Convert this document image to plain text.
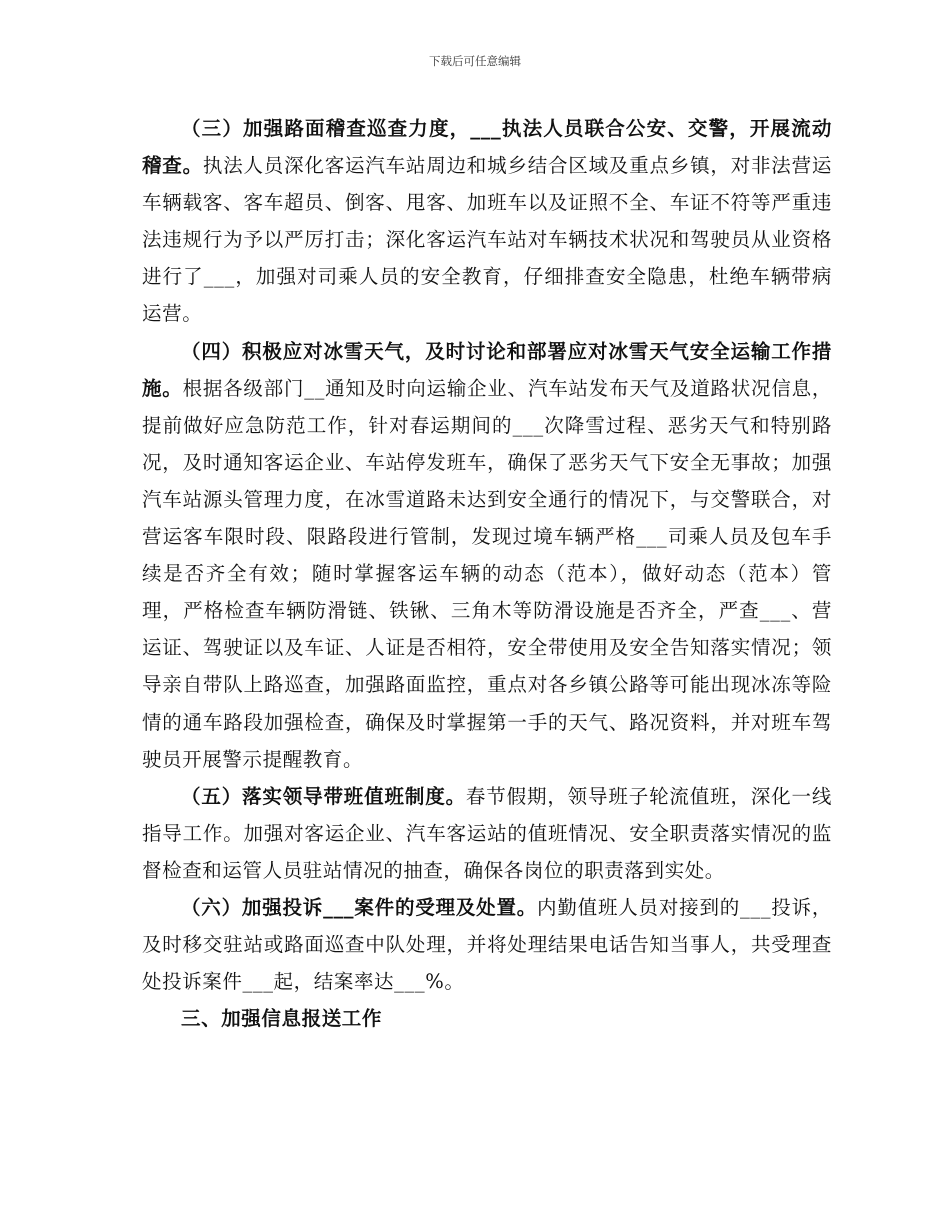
下载后可任意编辑

（三）加强路面稽查巡查力度，___执法人员联合公安、交警，开展流动稽查。执法人员深化客运汽车站周边和城乡结合区域及重点乡镇，对非法营运车辆载客、客车超员、倒客、甩客、加班车以及证照不全、车证不符等严重违法违规行为予以严厉打击；深化客运汽车站对车辆技术状况和驾驶员从业资格进行了___，加强对司乘人员的安全教育，仔细排查安全隐患，杜绝车辆带病运营。

（四）积极应对冰雪天气，及时讨论和部署应对冰雪天气安全运输工作措施。根据各级部门__通知及时向运输企业、汽车站发布天气及道路状况信息，提前做好应急防范工作，针对春运期间的___次降雪过程、恶劣天气和特别路况，及时通知客运企业、车站停发班车，确保了恶劣天气下安全无事故；加强汽车站源头管理力度，在冰雪道路未达到安全通行的情况下，与交警联合，对营运客车限时段、限路段进行管制，发现过境车辆严格___司乘人员及包车手续是否齐全有效；随时掌握客运车辆的动态（范本），做好动态（范本）管理，严格检查车辆防滑链、铁锹、三角木等防滑设施是否齐全，严查___、营运证、驾驶证以及车证、人证是否相符，安全带使用及安全告知落实情况；领导亲自带队上路巡查，加强路面监控，重点对各乡镇公路等可能出现冰冻等险情的通车路段加强检查，确保及时掌握第一手的天气、路况资料，并对班车驾驶员开展警示提醒教育。

（五）落实领导带班值班制度。春节假期，领导班子轮流值班，深化一线指导工作。加强对客运企业、汽车客运站的值班情况、安全职责落实情况的监督检查和运管人员驻站情况的抽查，确保各岗位的职责落到实处。

（六）加强投诉___案件的受理及处置。内勤值班人员对接到的___投诉，及时移交驻站或路面巡查中队处理，并将处理结果电话告知当事人，共受理查处投诉案件___起，结案率达___%。

三、加强信息报送工作
